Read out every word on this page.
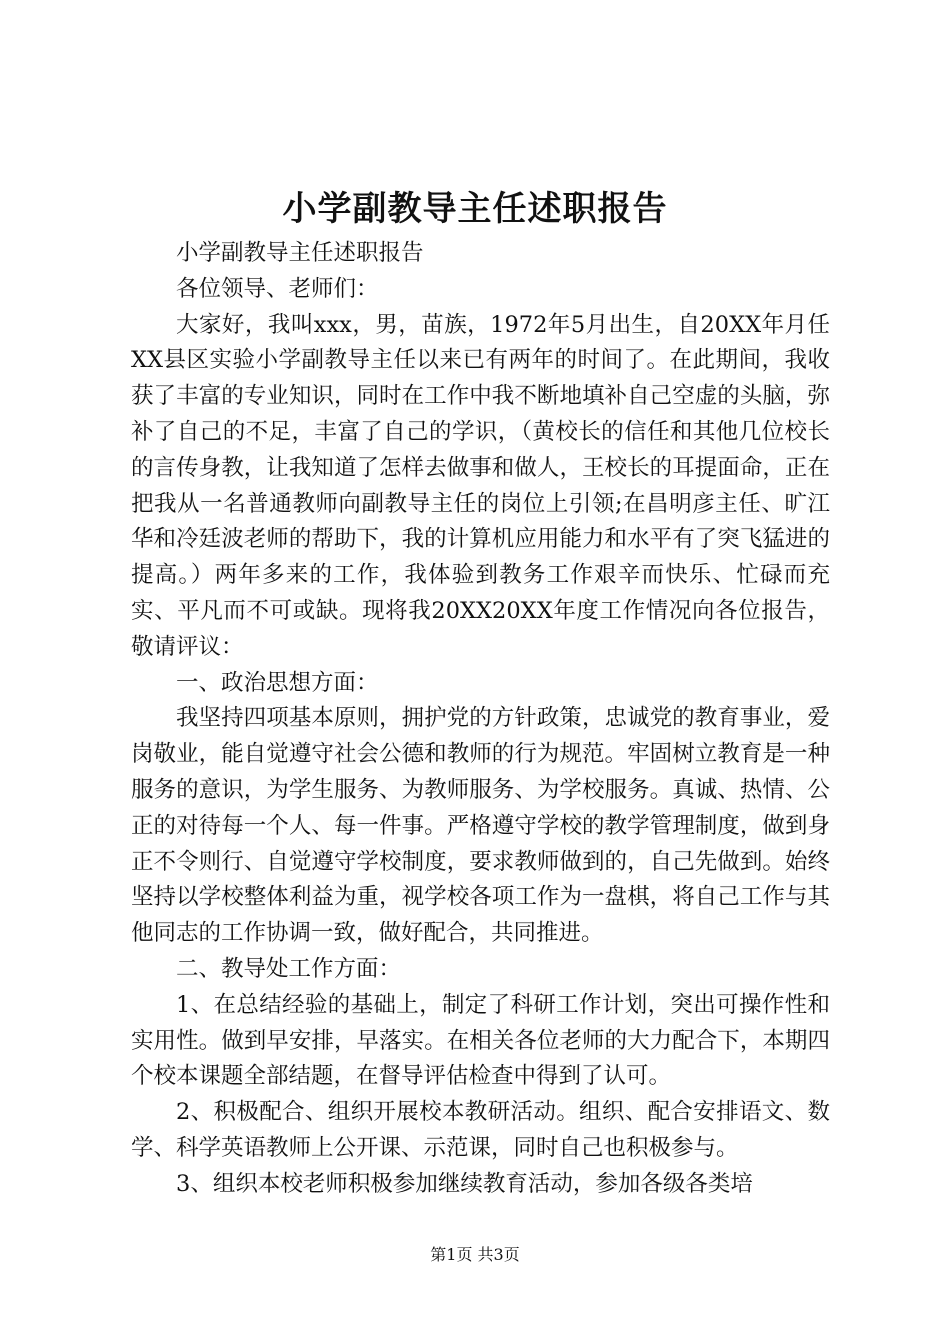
小学副教导主任述职报告

小学副教导主任述职报告

各位领导、老师们：

大家好，我叫xxx，男，苗族，1972年5月出生，自20XX年月任XX县区实验小学副教导主任以来已有两年的时间了。在此期间，我收获了丰富的专业知识，同时在工作中我不断地填补自己空虚的头脑，弥补了自己的不足，丰富了自己的学识，（黄校长的信任和其他几位校长的言传身教，让我知道了怎样去做事和做人，王校长的耳提面命，正在把我从一名普通教师向副教导主任的岗位上引领;在昌明彦主任、旷江华和冷廷波老师的帮助下，我的计算机应用能力和水平有了突飞猛进的提高。）两年多来的工作，我体验到教务工作艰辛而快乐、忙碌而充实、平凡而不可或缺。现将我20XX20XX年度工作情况向各位报告，敬请评议：

一、政治思想方面：

我坚持四项基本原则，拥护党的方针政策，忠诚党的教育事业，爱岗敬业，能自觉遵守社会公德和教师的行为规范。牢固树立教育是一种服务的意识，为学生服务、为教师服务、为学校服务。真诚、热情、公正的对待每一个人、每一件事。严格遵守学校的教学管理制度，做到身正不令则行、自觉遵守学校制度，要求教师做到的，自己先做到。始终坚持以学校整体利益为重，视学校各项工作为一盘棋，将自己工作与其他同志的工作协调一致，做好配合，共同推进。

二、教导处工作方面：

1、在总结经验的基础上，制定了科研工作计划，突出可操作性和实用性。做到早安排，早落实。在相关各位老师的大力配合下，本期四个校本课题全部结题，在督导评估检查中得到了认可。

2、积极配合、组织开展校本教研活动。组织、配合安排语文、数学、科学英语教师上公开课、示范课，同时自己也积极参与。

3、组织本校老师积极参加继续教育活动，参加各级各类培

第1页 共3页
